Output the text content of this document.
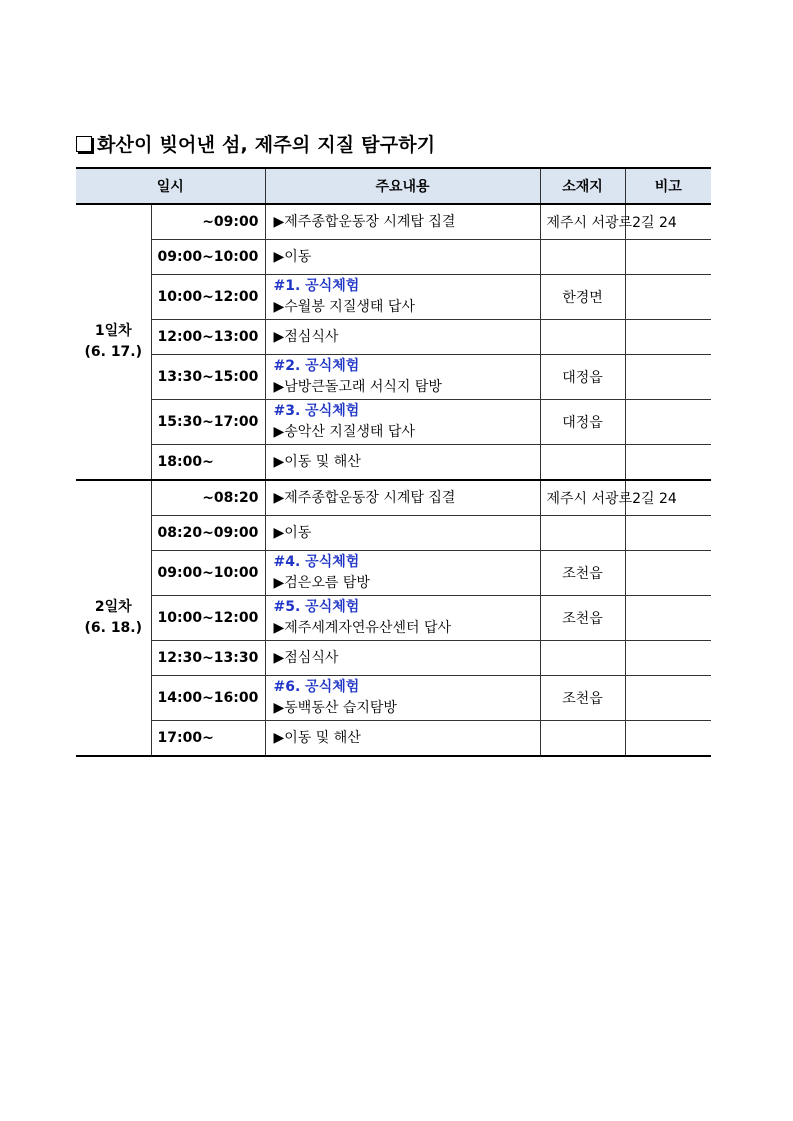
화산이 빚어낸 섬, 제주의 지질 탐구하기
일시		주요내용	소재지	비고

1일차
(6. 17.)	~09:00	▶제주종합운동장 시계탑 집결	제주시 서광로2길 24	
	09:00~10:00	▶이동		

	10:00~12:00	#1. 공식체험
▶수월봉 지질생태 답사	한경면	
	12:00~13:00	▶점심식사		

	13:30~15:00	#2. 공식체험
▶남방큰돌고래 서식지 탐방	대정읍	
	15:30~17:00	#3. 공식체험
▶송악산 지질생태 답사	대정읍	
	18:00~	▶이동 및 해산		

2일차
(6. 18.)	~08:20	▶제주종합운동장 시계탑 집결	제주시 서광로2길 24	
	08:20~09:00	▶이동		

	09:00~10:00	#4. 공식체험
▶검은오름 탐방	조천읍	
	10:00~12:00	#5. 공식체험
▶제주세계자연유산센터 답사	조천읍	
	12:30~13:30	▶점심식사		

	14:00~16:00	#6. 공식체험
▶동백동산 습지탐방	조천읍	
	17:00~	▶이동 및 해산		
